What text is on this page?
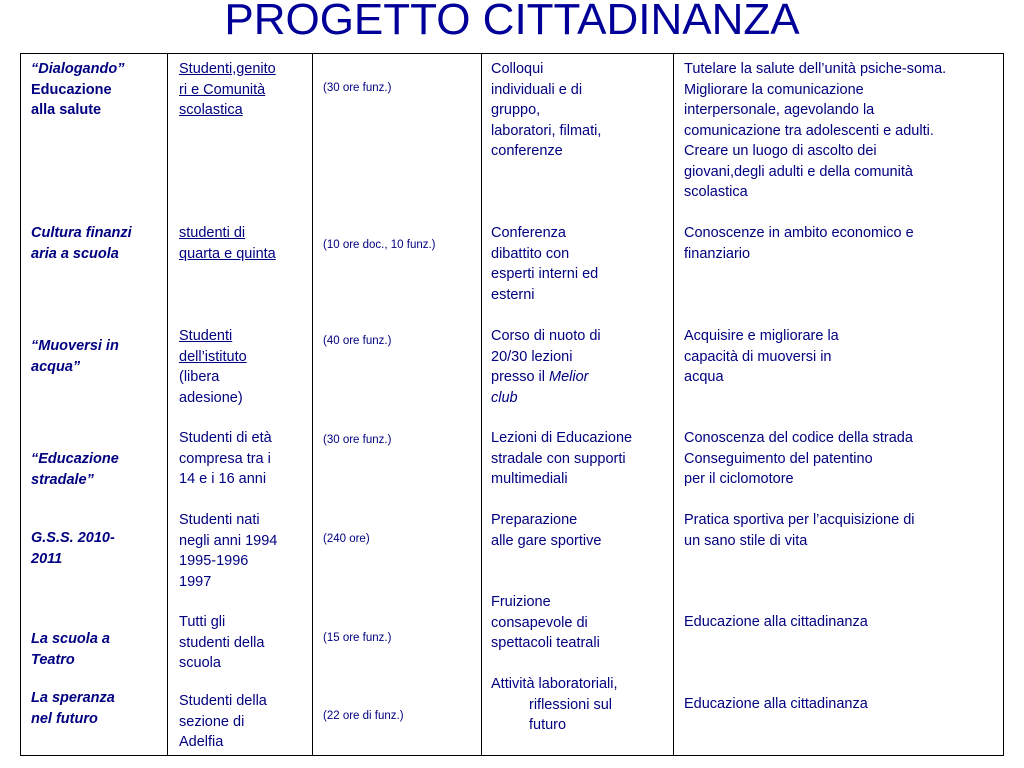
PROGETTO CITTADINANZA
“Dialogando”
Educazione
alla salute
Studenti,genito
ri e Comunità
scolastica
(30 ore funz.)
Colloqui
individuali e di
gruppo,
laboratori, filmati,
conferenze
Tutelare la salute dell’unità psiche-soma.
Migliorare la comunicazione
interpersonale, agevolando la
comunicazione tra adolescenti e adulti.
Creare un luogo di ascolto dei
giovani,degli adulti e della comunità
scolastica
Cultura finanzi
aria a scuola
studenti di
quarta e quinta
(10 ore doc., 10 funz.)
Conferenza
dibattito con
esperti interni ed
esterni
Conoscenze in ambito economico e
finanziario
“Muoversi in
acqua”
Studenti
dell’istituto
(libera
adesione)
(40 ore funz.)	Corso di nuoto di
20/30 lezioni
presso il Melior
club
Acquisire e migliorare la
capacità di muoversi in
acqua
“Educazione
stradale”
Studenti di età
compresa tra i
14 e i 16 anni
(30 ore funz.)	Lezioni di Educazione
stradale con supporti
multimediali
Conoscenza del codice della strada
Conseguimento del patentino
per il ciclomotore
G.S.S. 2010-
2011
Studenti nati
negli anni 1994
1995-1996
1997
(240 ore)
Preparazione
alle gare sportive
Pratica sportiva per l’acquisizione di
un sano stile di vita
La scuola a
Teatro
Tutti gli
studenti della
scuola
(15 ore funz.)
Fruizione
consapevole di
spettacoli teatrali
Educazione alla cittadinanza
La speranza
nel futuro
Studenti della
sezione di
Adelfia
(22 ore di funz.)
Attività laboratoriali,
riflessioni sul
futuro
Educazione alla cittadinanza
